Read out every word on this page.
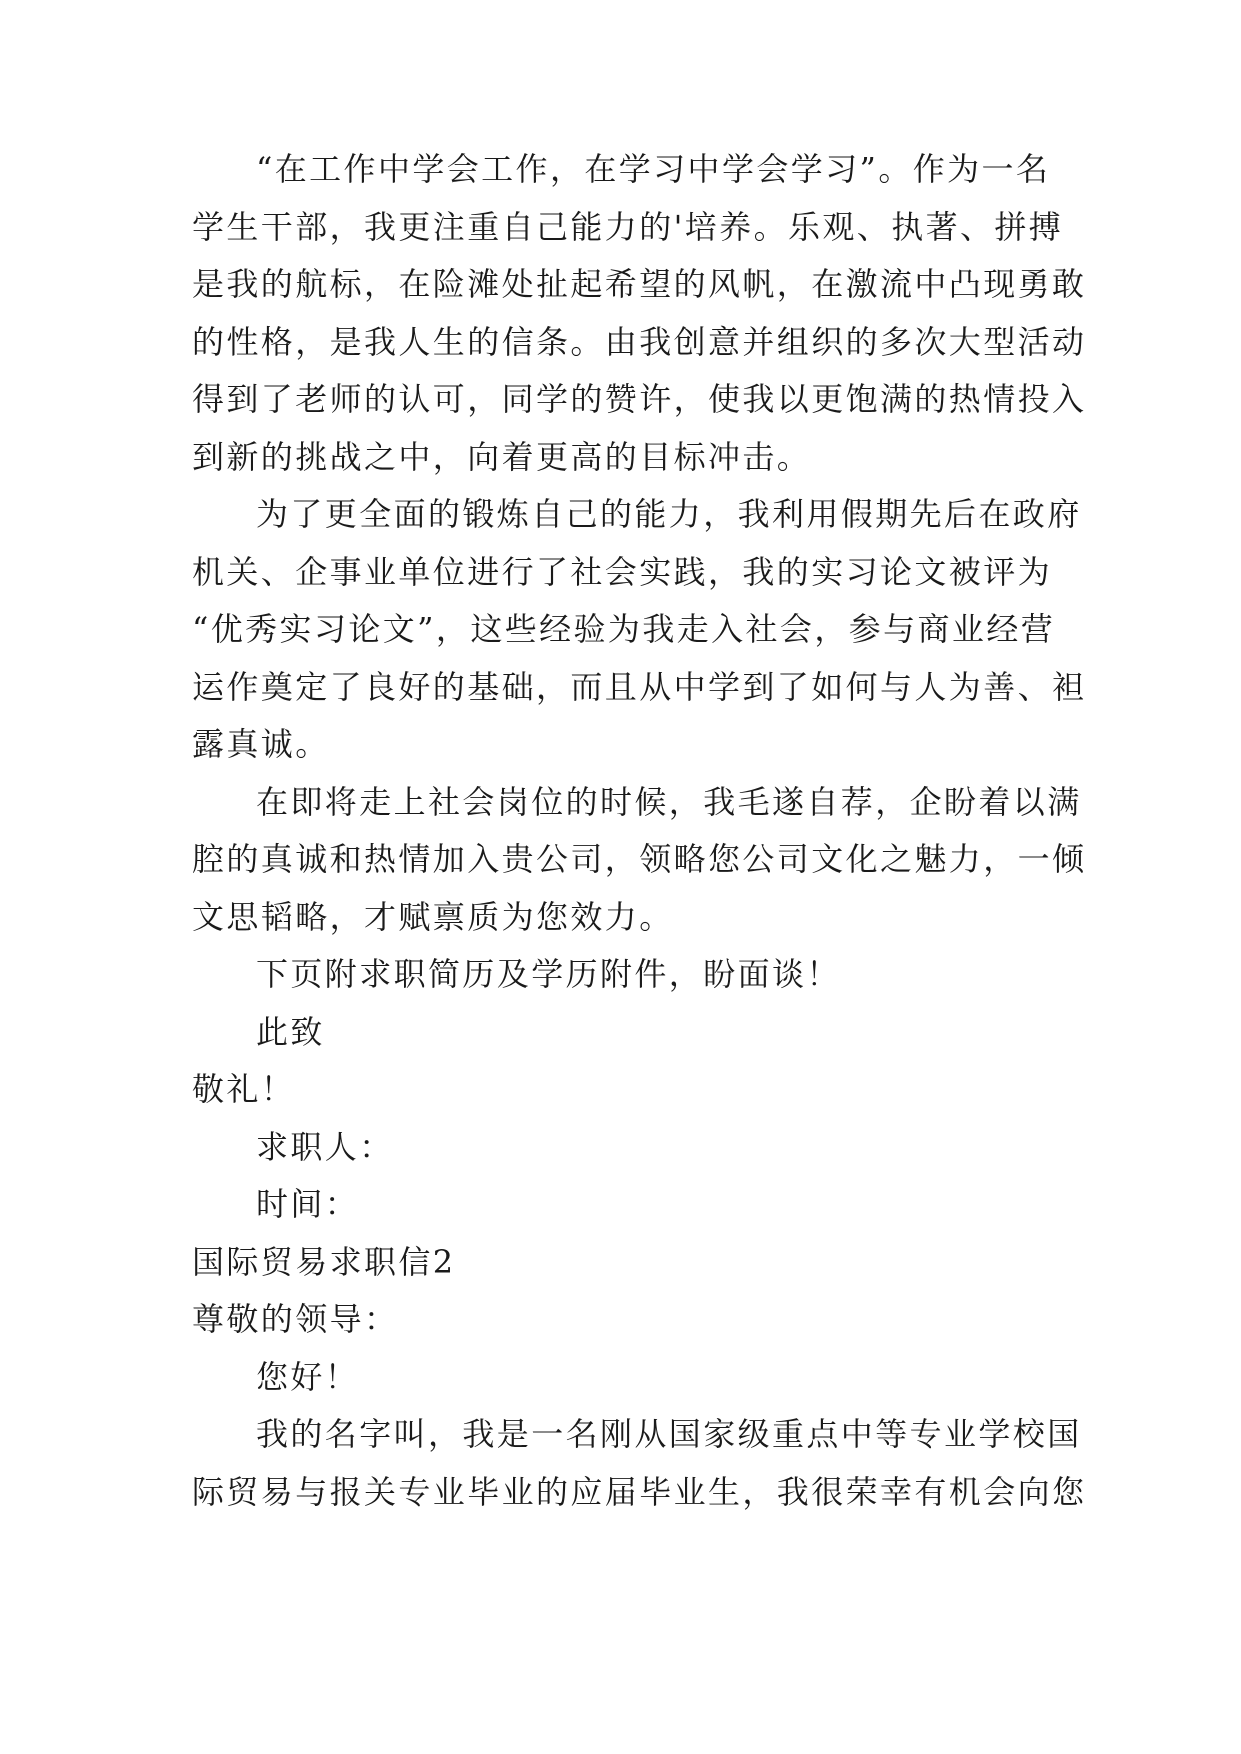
“在工作中学会工作，在学习中学会学习”。作为一名
学生干部，我更注重自己能力的'培养。乐观、执著、拼搏
是我的航标，在险滩处扯起希望的风帆，在激流中凸现勇敢
的性格，是我人生的信条。由我创意并组织的多次大型活动
得到了老师的认可，同学的赞许，使我以更饱满的热情投入
到新的挑战之中，向着更高的目标冲击。
为了更全面的锻炼自己的能力，我利用假期先后在政府
机关、企事业单位进行了社会实践，我的实习论文被评为
“优秀实习论文”，这些经验为我走入社会，参与商业经营
运作奠定了良好的基础，而且从中学到了如何与人为善、袒
露真诚。
在即将走上社会岗位的时候，我毛遂自荐，企盼着以满
腔的真诚和热情加入贵公司，领略您公司文化之魅力，一倾
文思韬略，才赋禀质为您效力。
下页附求职简历及学历附件，盼面谈！
此致
敬礼！
求职人：
时间：
国际贸易求职信2
尊敬的领导：
您好！
我的名字叫，我是一名刚从国家级重点中等专业学校国
际贸易与报关专业毕业的应届毕业生，我很荣幸有机会向您
